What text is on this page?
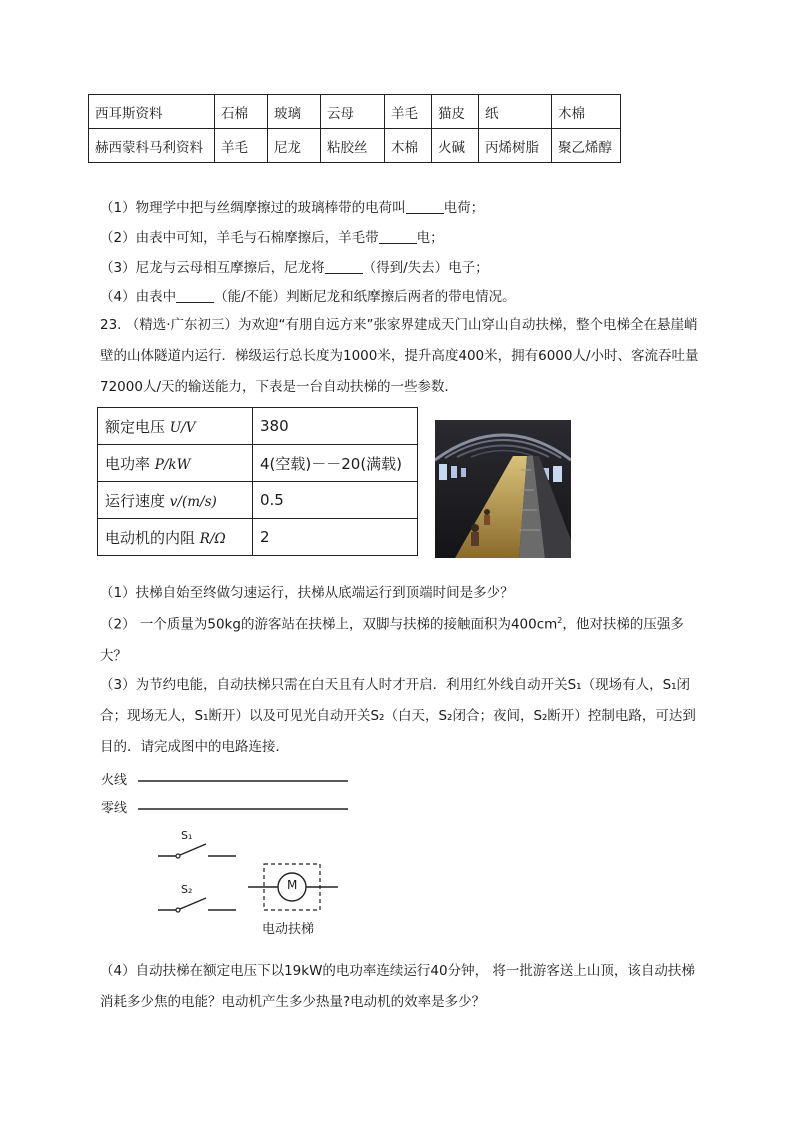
西耳斯资料	石棉	玻璃	云母	羊毛	猫皮	纸	木棉
赫西蒙科马利资料	羊毛	尼龙	粘胶丝	木棉	火碱	丙烯树脂	聚乙烯醇
（1）物理学中把与丝绸摩擦过的玻璃棒带的电荷叫	电荷；
（2）由表中可知，羊毛与石棉摩擦后，羊毛带	电；
（3）尼龙与云母相互摩擦后，尼龙将	（得到/失去）电子；
（4）由表中	（能/不能）判断尼龙和纸摩擦后两者的带电情况。
23. （精选·广东初三）为欢迎“有朋自远方来”张家界建成天门山穿山自动扶梯，整个电梯全在悬崖峭壁的山体隧道内运行．梯级运行总长度为1000米，提升高度400米，拥有6000人/小时、客流吞吐量72000人/天的输送能力，下表是一台自动扶梯的一些参数．
额定电压 U/V	380
电功率 P/kW	4(空载)－－20(满载)
运行速度 v/(m/s)	0.5
电动机的内阻 R/Ω	2
（1）扶梯自始至终做匀速运行，扶梯从底端运行到顶端时间是多少？
（2） 一个质量为50kg的游客站在扶梯上，双脚与扶梯的接触面积为$400cm^2$，他对扶梯的压强多大？
（3）为节约电能，自动扶梯只需在白天且有人时才开启．利用红外线自动开关S₁（现场有人，S₁闭合；现场无人，S₁断开）以及可见光自动开关S₂（白天，S₂闭合；夜间，S₂断开）控制电路，可达到目的．请完成图中的电路连接．
火线
零线
S₁
S₂	M
电动扶梯
（4）自动扶梯在额定电压下以19kW的电功率连续运行40分钟， 将一批游客送上山顶，该自动扶梯消耗多少焦的电能？电动机产生多少热量?电动机的效率是多少？
